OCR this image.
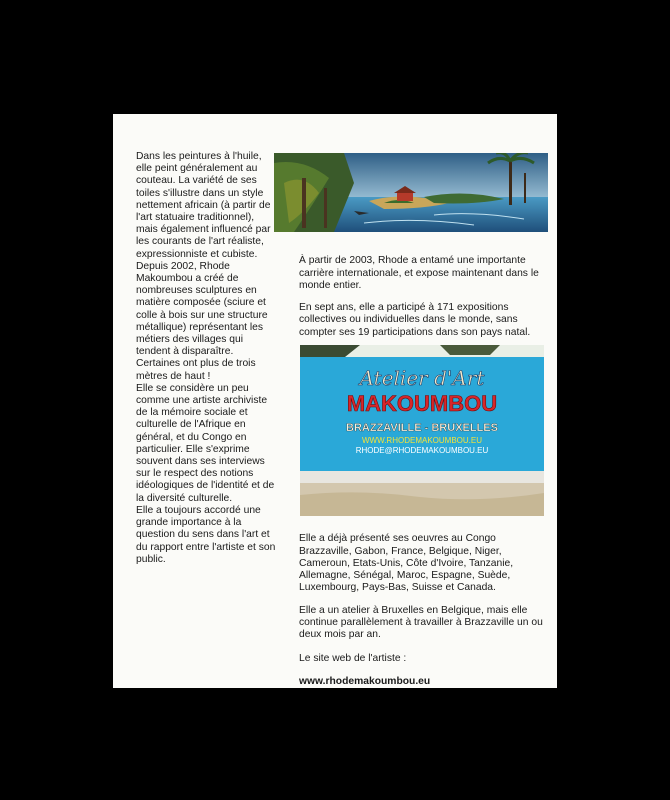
Dans les peintures à l'huile, elle peint généralement au couteau. La variété de ses toiles s'illustre dans un style nettement africain (à partir de l'art statuaire traditionnel), mais également influencé par les courants de l'art réaliste, expressionniste et cubiste.

Depuis 2002, Rhode Makoumbou a créé de nombreuses sculptures en matière composée (sciure et colle à bois sur une structure métallique) représentant les métiers des villages qui tendent à disparaître. Certaines ont plus de trois mètres de haut !

Elle se considère un peu comme une artiste archiviste de la mémoire sociale et culturelle de l'Afrique en général, et du Congo en particulier. Elle s'exprime souvent dans ses interviews sur le respect des notions idéologiques de l'identité et de la diversité culturelle.

Elle a toujours accordé une grande importance à la question du sens dans l'art et du rapport entre l'artiste et son public.

À partir de 2003, Rhode a entamé une importante carrière internationale, et expose maintenant dans le monde entier.

En sept ans, elle a participé à 171 expositions collectives ou individuelles dans le monde, sans compter ses 19 participations dans son pays natal.

Atelier d'Art
MAKOUMBOU
BRAZZAVILLE - BRUXELLES
WWW.RHODEMAKOUMBOU.EU
RHODE@RHODEMAKOUMBOU.EU

Elle a déjà présenté ses oeuvres au Congo Brazzaville, Gabon, France, Belgique, Niger, Cameroun, Etats-Unis, Côte d'Ivoire, Tanzanie, Allemagne, Sénégal, Maroc, Espagne, Suède, Luxembourg, Pays-Bas, Suisse et Canada.

Elle a un atelier à Bruxelles en Belgique, mais elle continue parallèlement à travailler à Brazzaville un ou deux mois par an.

Le site web de l'artiste :

www.rhodemakoumbou.eu
